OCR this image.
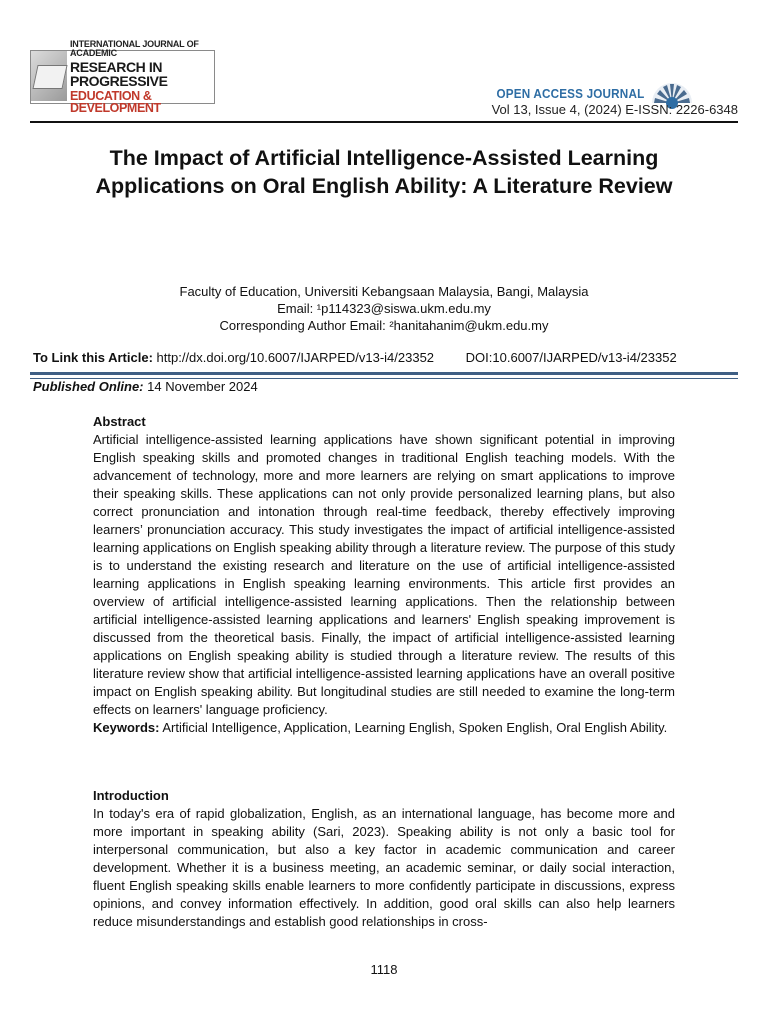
INTERNATIONAL JOURNAL OF ACADEMIC
RESEARCH IN PROGRESSIVE
EDUCATION & DEVELOPMENT
OPEN ACCESS JOURNAL
Vol 13, Issue 4, (2024) E-ISSN: 2226-6348
The Impact of Artificial Intelligence-Assisted Learning Applications on Oral English Ability: A Literature Review
Faculty of Education, Universiti Kebangsaan Malaysia, Bangi, Malaysia
Email: ¹p114323@siswa.ukm.edu.my
Corresponding Author Email: ²hanitahanim@ukm.edu.my
To Link this Article: http://dx.doi.org/10.6007/IJARPED/v13-i4/23352 DOI:10.6007/IJARPED/v13-i4/23352
Published Online: 14 November 2024
Abstract
Artificial intelligence-assisted learning applications have shown significant potential in improving English speaking skills and promoted changes in traditional English teaching models. With the advancement of technology, more and more learners are relying on smart applications to improve their speaking skills. These applications can not only provide personalized learning plans, but also correct pronunciation and intonation through real-time feedback, thereby effectively improving learners’ pronunciation accuracy. This study investigates the impact of artificial intelligence-assisted learning applications on English speaking ability through a literature review. The purpose of this study is to understand the existing research and literature on the use of artificial intelligence-assisted learning applications in English speaking learning environments. This article first provides an overview of artificial intelligence-assisted learning applications. Then the relationship between artificial intelligence-assisted learning applications and learners' English speaking improvement is discussed from the theoretical basis. Finally, the impact of artificial intelligence-assisted learning applications on English speaking ability is studied through a literature review. The results of this literature review show that artificial intelligence-assisted learning applications have an overall positive impact on English speaking ability. But longitudinal studies are still needed to examine the long-term effects on learners' language proficiency.
Keywords: Artificial Intelligence, Application, Learning English, Spoken English, Oral English Ability.
Introduction
In today's era of rapid globalization, English, as an international language, has become more and more important in speaking ability (Sari, 2023). Speaking ability is not only a basic tool for interpersonal communication, but also a key factor in academic communication and career development. Whether it is a business meeting, an academic seminar, or daily social interaction, fluent English speaking skills enable learners to more confidently participate in discussions, express opinions, and convey information effectively. In addition, good oral skills can also help learners reduce misunderstandings and establish good relationships in cross-
1118
